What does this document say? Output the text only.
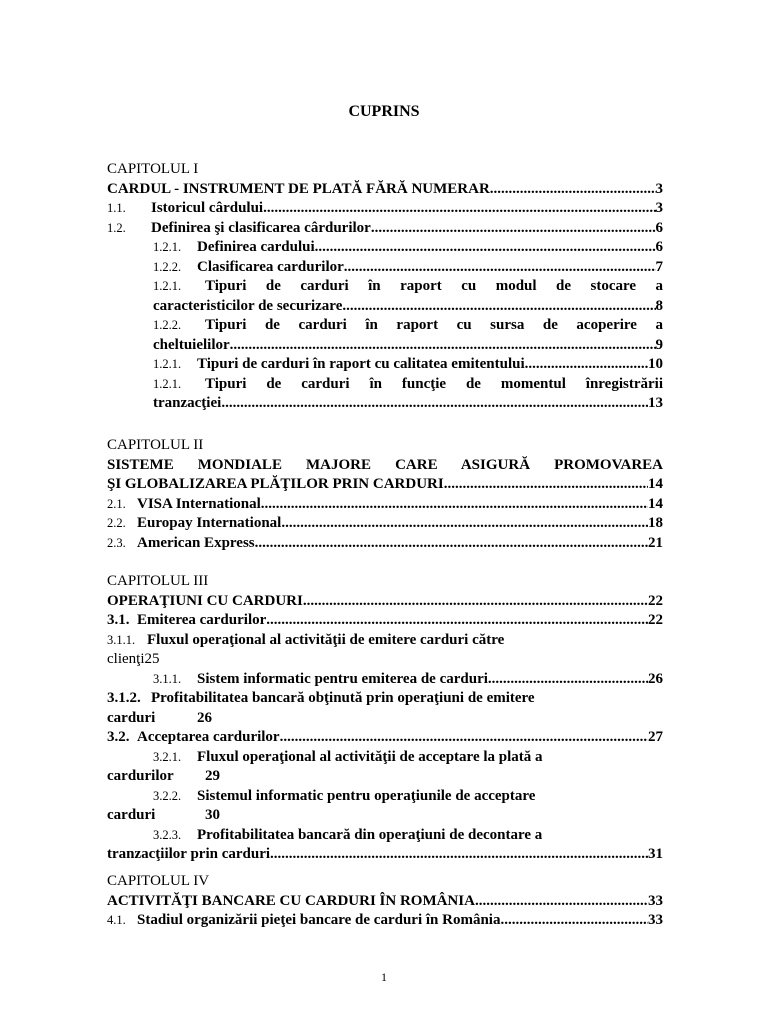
CUPRINS
CAPITOLUL I
CARDUL - INSTRUMENT DE PLATĂ FĂRĂ NUMERAR .....	3
1.1.	Istoricul cârdului .....	3
1.2.	Definirea şi clasificarea cârdurilor .....	6
1.2.1.	Definirea cardului .....	6
1.2.2.	Clasificarea cardurilor .....	7
1.2.1.	Tipuri de carduri în raport cu modul de stocare a
caracteristicilor de securizare .....	8
1.2.2.	Tipuri de carduri în raport cu sursa de acoperire a
cheltuielilor .....	9
1.2.1.	Tipuri de carduri în raport cu calitatea emitentului .....	10
1.2.1.	Tipuri de carduri în funcţie de momentul înregistrării
tranzacţiei .....	13
CAPITOLUL II
SISTEME MONDIALE MAJORE CARE ASIGURĂ PROMOVAREA
ŞI GLOBALIZAREA PLĂŢILOR PRIN CARDURI .....	14
2.1. VISA International .....	14
2.2. Europay International .....	18
2.3. American Express .....	21
CAPITOLUL III
OPERAŢIUNI CU CARDURI .....	22
3.1. Emiterea cardurilor .....	22
3.1.1. Fluxul operaţional al activităţii de emitere carduri către
clienţi 25
3.1.1.	Sistem informatic pentru emiterea de carduri .....	26
3.1.2. Profitabilitatea bancară obţinută prin operaţiuni de emitere
carduri	26
3.2. Acceptarea cardurilor .....	27
3.2.1.	Fluxul operaţional al activităţii de acceptare la plată a
cardurilor	29
3.2.2.	Sistemul informatic pentru operaţiunile de acceptare
carduri	30
3.2.3.	Profitabilitatea bancară din operaţiuni de decontare a
tranzacţiilor prin carduri .....	31
CAPITOLUL IV
ACTIVITĂŢI BANCARE CU CARDURI ÎN ROMÂNIA .....	33
4.1. Stadiul organizării pieţei bancare de carduri în România .....	33
1
